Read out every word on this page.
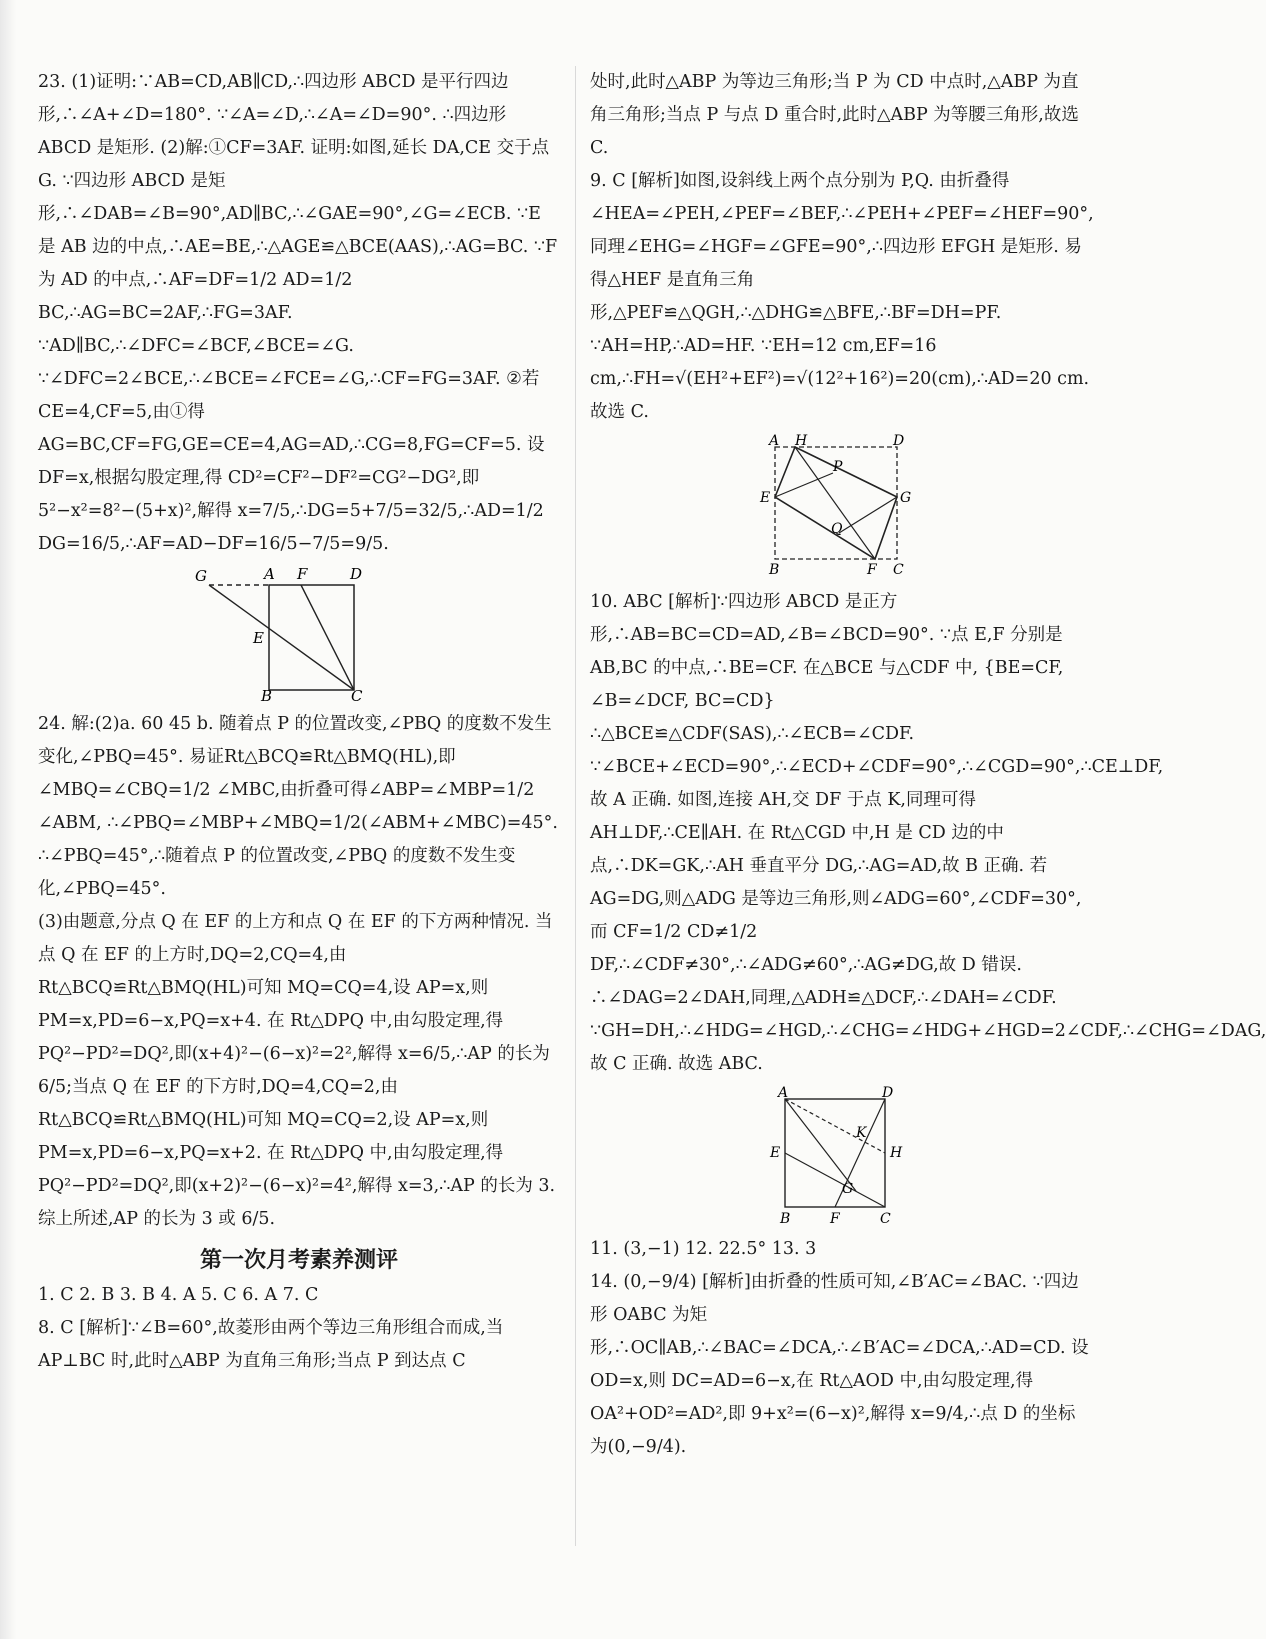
23. (1)证明:∵AB=CD,AB∥CD,∴四边形 ABCD 是平行四边形,∴∠A+∠D=180°. ∵∠A=∠D,∴∠A=∠D=90°. ∴四边形 ABCD 是矩形. (2)解:①CF=3AF. 证明:如图,延长 DA,CE 交于点 G. ∵四边形 ABCD 是矩形,∴∠DAB=∠B=90°,AD∥BC,∴∠GAE=90°,∠G=∠ECB. ∵E 是 AB 边的中点,∴AE=BE,∴△AGE≌△BCE(AAS),∴AG=BC. ∵F 为 AD 的中点,∴AF=DF=1/2 AD=1/2 BC,∴AG=BC=2AF,∴FG=3AF. ∵AD∥BC,∴∠DFC=∠BCF,∠BCE=∠G. ∵∠DFC=2∠BCE,∴∠BCE=∠FCE=∠G,∴CF=FG=3AF. ②若 CE=4,CF=5,由①得 AG=BC,CF=FG,GE=CE=4,AG=AD,∴CG=8,FG=CF=5. 设 DF=x,根据勾股定理,得 CD²=CF²−DF²=CG²−DG²,即 5²−x²=8²−(5+x)²,解得 x=7/5,∴DG=5+7/5=32/5,∴AD=1/2 DG=16/5,∴AF=AD−DF=16/5−7/5=9/5.

G	A F	D
E
B	C

24. 解:(2)a. 60 45 b. 随着点 P 的位置改变,∠PBQ 的度数不发生变化,∠PBQ=45°. 易证Rt△BCQ≌Rt△BMQ(HL),即∠MBQ=∠CBQ=1/2 ∠MBC,由折叠可得∠ABP=∠MBP=1/2 ∠ABM, ∴∠PBQ=∠MBP+∠MBQ=1/2(∠ABM+∠MBC)=45°. ∴∠PBQ=45°,∴随着点 P 的位置改变,∠PBQ 的度数不发生变化,∠PBQ=45°.

(3)由题意,分点 Q 在 EF 的上方和点 Q 在 EF 的下方两种情况. 当点 Q 在 EF 的上方时,DQ=2,CQ=4,由 Rt△BCQ≌Rt△BMQ(HL)可知 MQ=CQ=4,设 AP=x,则 PM=x,PD=6−x,PQ=x+4. 在 Rt△DPQ 中,由勾股定理,得 PQ²−PD²=DQ²,即(x+4)²−(6−x)²=2²,解得 x=6/5,∴AP 的长为 6/5;当点 Q 在 EF 的下方时,DQ=4,CQ=2,由 Rt△BCQ≌Rt△BMQ(HL)可知 MQ=CQ=2,设 AP=x,则 PM=x,PD=6−x,PQ=x+2. 在 Rt△DPQ 中,由勾股定理,得 PQ²−PD²=DQ²,即(x+2)²−(6−x)²=4²,解得 x=3,∴AP 的长为 3. 综上所述,AP 的长为 3 或 6/5.

第一次月考素养测评

1. C 2. B 3. B 4. A 5. C 6. A 7. C

8. C [解析]∵∠B=60°,故菱形由两个等边三角形组合而成,当 AP⊥BC 时,此时△ABP 为直角三角形;当点 P 到达点 C

处时,此时△ABP 为等边三角形;当 P 为 CD 中点时,△ABP 为直角三角形;当点 P 与点 D 重合时,此时△ABP 为等腰三角形,故选 C.

9. C [解析]如图,设斜线上两个点分别为 P,Q. 由折叠得∠HEA=∠PEH,∠PEF=∠BEF,∴∠PEH+∠PEF=∠HEF=90°,同理∠EHG=∠HGF=∠GFE=90°,∴四边形 EFGH 是矩形. 易得△HEF 是直角三角形,△PEF≌△QGH,∴△DHG≌△BFE,∴BF=DH=PF. ∵AH=HP,∴AD=HF. ∵EH=12 cm,EF=16 cm,∴FH=√(EH²+EF²)=√(12²+16²)=20(cm),∴AD=20 cm. 故选 C.

A H	D
P
E	G
Q
B	F C

10. ABC [解析]∵四边形 ABCD 是正方形,∴AB=BC=CD=AD,∠B=∠BCD=90°. ∵点 E,F 分别是 AB,BC 的中点,∴BE=CF. 在△BCE 与△CDF 中, {BE=CF, ∠B=∠DCF, BC=CD} ∴△BCE≌△CDF(SAS),∴∠ECB=∠CDF. ∵∠BCE+∠ECD=90°,∴∠ECD+∠CDF=90°,∴∠CGD=90°,∴CE⊥DF,故 A 正确. 如图,连接 AH,交 DF 于点 K,同理可得 AH⊥DF,∴CE∥AH. 在 Rt△CGD 中,H 是 CD 边的中点,∴DK=GK,∴AH 垂直平分 DG,∴AG=AD,故 B 正确. 若 AG=DG,则△ADG 是等边三角形,则∠ADG=60°,∠CDF=30°,而 CF=1/2 CD≠1/2 DF,∴∠CDF≠30°,∴∠ADG≠60°,∴AG≠DG,故 D 错误. ∴∠DAG=2∠DAH,同理,△ADH≌△DCF,∴∠DAH=∠CDF. ∵GH=DH,∴∠HDG=∠HGD,∴∠CHG=∠HDG+∠HGD=2∠CDF,∴∠CHG=∠DAG,故 C 正确. 故选 ABC.

A	D
K
E	H
G
B	F	C

11. (3,−1) 12. 22.5° 13. 3

14. (0,−9/4) [解析]由折叠的性质可知,∠B′AC=∠BAC. ∵四边形 OABC 为矩形,∴OC∥AB,∴∠BAC=∠DCA,∴∠B′AC=∠DCA,∴AD=CD. 设 OD=x,则 DC=AD=6−x,在 Rt△AOD 中,由勾股定理,得 OA²+OD²=AD²,即 9+x²=(6−x)²,解得 x=9/4,∴点 D 的坐标为(0,−9/4).
